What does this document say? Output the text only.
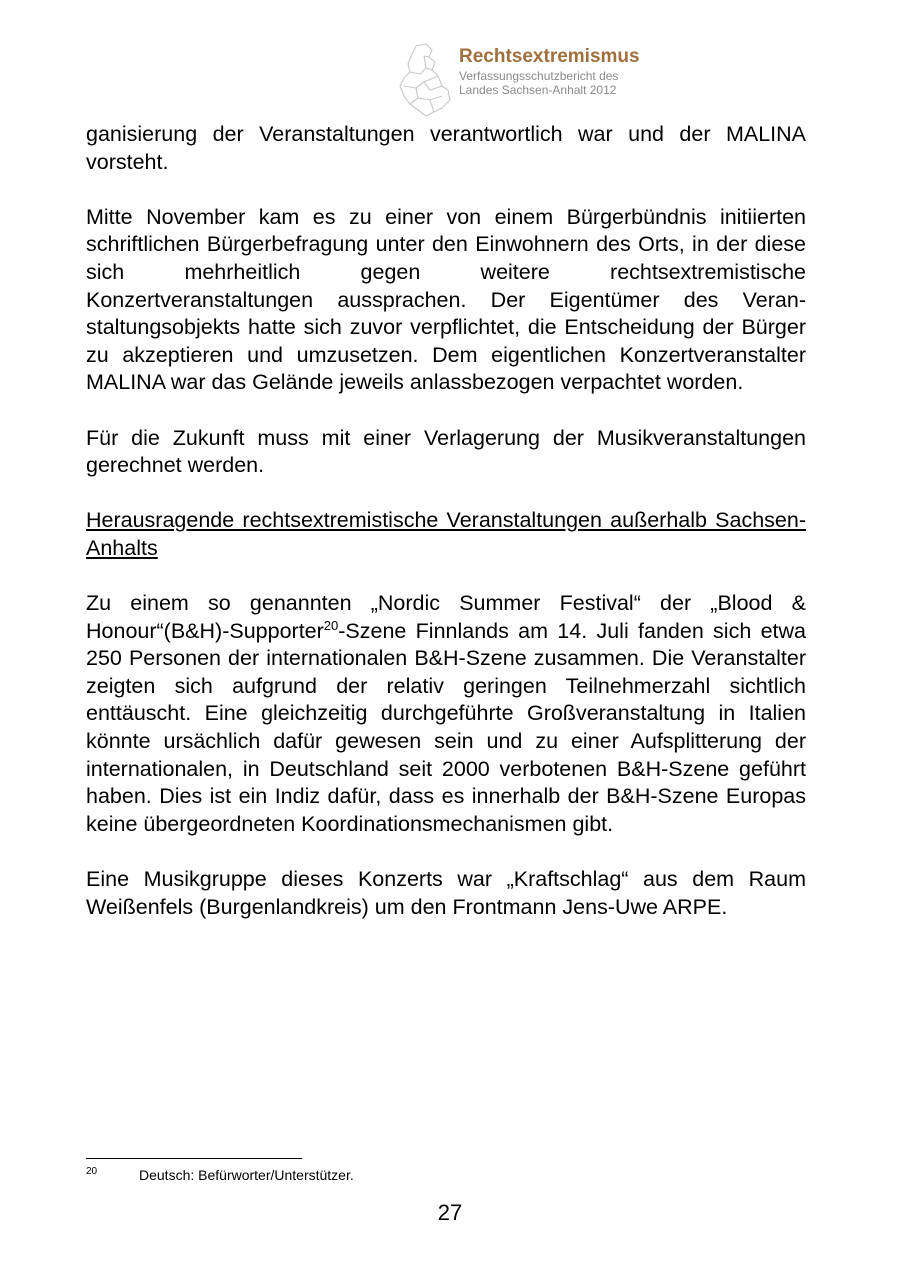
Rechtsextremismus
Verfassungsschutzbericht des
Landes Sachsen-Anhalt 2012

ganisierung der Veranstaltungen verantwortlich war und der MALINA vorsteht.

Mitte November kam es zu einer von einem Bürgerbündnis initiierten schriftlichen Bürgerbefragung unter den Einwohnern des Orts, in der diese sich mehrheitlich gegen weitere rechtsextremistische Konzertveranstaltungen aussprachen. Der Eigentümer des Veranstaltungsobjekts hatte sich zuvor verpflichtet, die Entscheidung der Bürger zu akzeptieren und umzusetzen. Dem eigentlichen Konzertveranstalter MALINA war das Gelände jeweils anlassbezogen verpachtet worden.

Für die Zukunft muss mit einer Verlagerung der Musikveranstaltungen gerechnet werden.

Herausragende rechtsextremistische Veranstaltungen außerhalb Sachsen-Anhalts

Zu einem so genannten „Nordic Summer Festival“ der „Blood & Honour“(B&H)-Supporter$^{20}$-Szene Finnlands am 14. Juli fanden sich etwa 250 Personen der internationalen B&H-Szene zusammen. Die Veranstalter zeigten sich aufgrund der relativ geringen Teilnehmerzahl sichtlich enttäuscht. Eine gleichzeitig durchgeführte Großveranstaltung in Italien könnte ursächlich dafür gewesen sein und zu einer Aufsplitterung der internationalen, in Deutschland seit 2000 verbotenen B&H-Szene geführt haben. Dies ist ein Indiz dafür, dass es innerhalb der B&H-Szene Europas keine übergeordneten Koordinationsmechanismen gibt.

Eine Musikgruppe dieses Konzerts war „Kraftschlag“ aus dem Raum Weißenfels (Burgenlandkreis) um den Frontmann Jens-Uwe ARPE.

20	Deutsch: Befürworter/Unterstützer.
27
